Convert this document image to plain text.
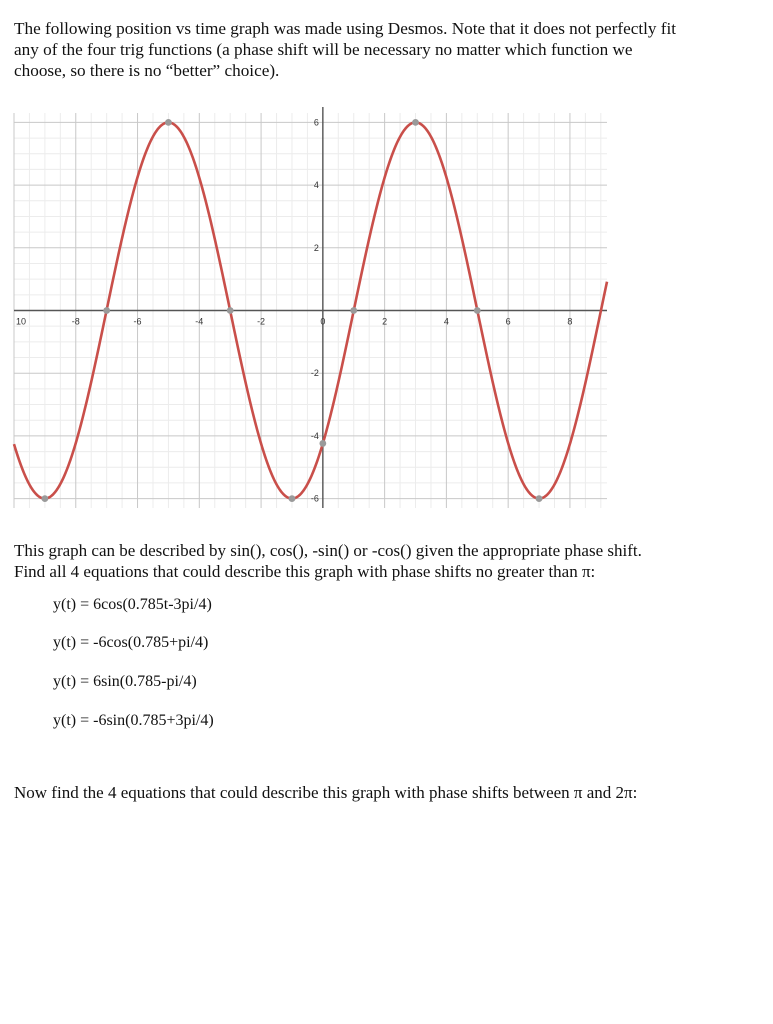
The following position vs time graph was made using Desmos. Note that it does not perfectly fit
any of the four trig functions (a phase shift will be necessary no matter which function we
choose, so there is no “better” choice).
10	-8	-6	-4	-2	0	2	4	6	8
-6
-4
-2
2
4
6
This graph can be described by sin(), cos(), -sin() or -cos() given the appropriate phase shift.
Find all 4 equations that could describe this graph with phase shifts no greater than π:
y(t) = 6cos(0.785t-3pi/4)
y(t) = -6cos(0.785+pi/4)
y(t) = 6sin(0.785-pi/4)
y(t) = -6sin(0.785+3pi/4)
Now find the 4 equations that could describe this graph with phase shifts between π and 2π:
